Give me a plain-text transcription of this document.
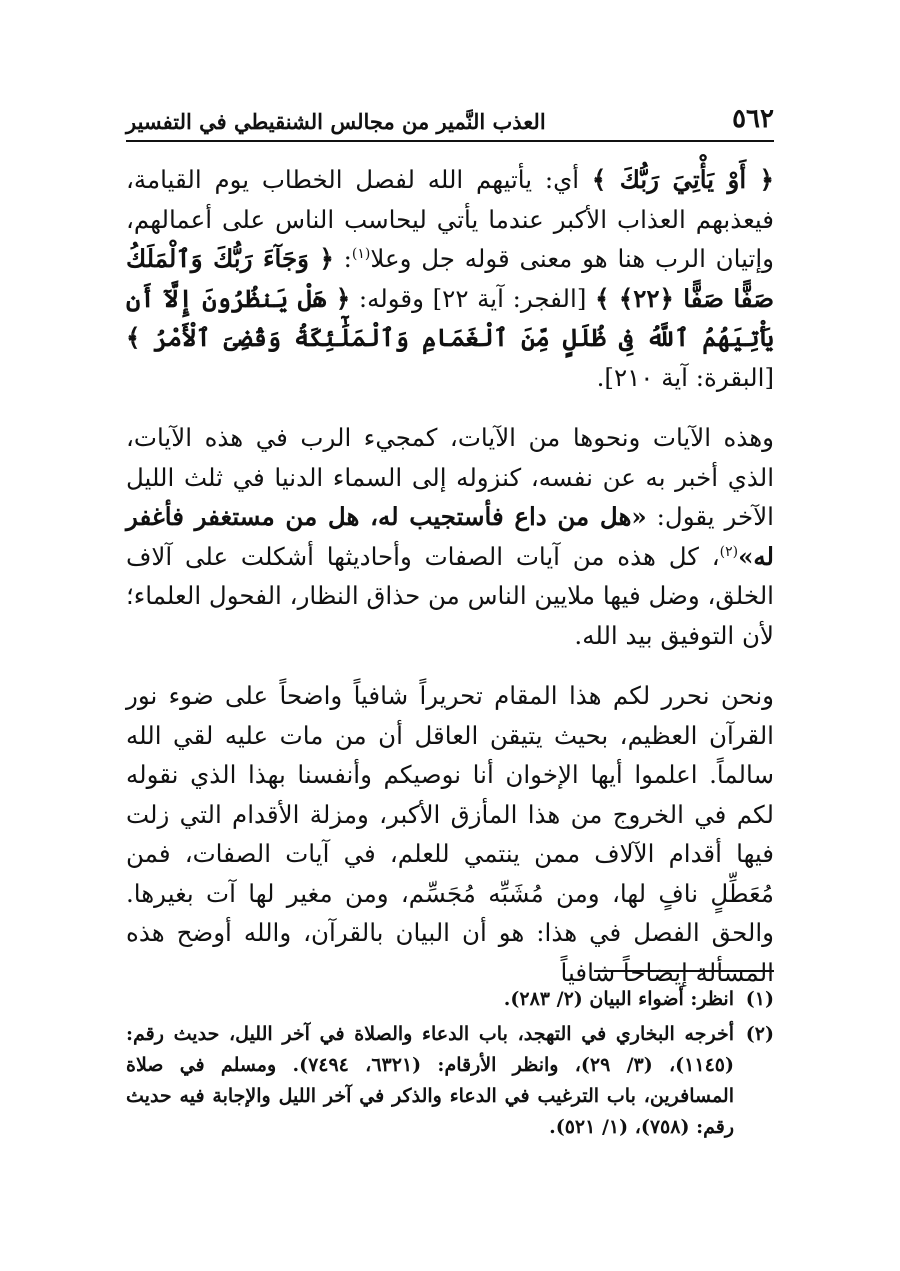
٥٦٢
العذب النَّمير من مجالس الشنقيطي في التفسير

﴿ أَوْ يَأْتِيَ رَبُّكَ ﴾ أي: يأتيهم الله لفصل الخطاب يوم القيامة، فيعذبهم العذاب الأكبر عندما يأتي ليحاسب الناس على أعمالهم، وإتيان الرب هنا هو معنى قوله جل وعلا$^{(١)}$: ﴿ وَجَآءَ رَبُّكَ وَٱلْمَلَكُ صَفًّا صَفًّا ﴿٢٢﴾ ﴾ [الفجر: آية ٢٢] وقوله: ﴿ هَلْ يَنظُرُونَ إِلَّآ أَن يَأْتِيَهُمُ ٱللَّهُ فِى ظُلَلٍ مِّنَ ٱلْغَمَامِ وَٱلْمَلَٰٓئِكَةُ وَقُضِىَ ٱلْأَمْرُ ﴾ [البقرة: آية ٢١٠].

وهذه الآيات ونحوها من الآيات، كمجيء الرب في هذه الآيات، الذي أخبر به عن نفسه، كنزوله إلى السماء الدنيا في ثلث الليل الآخر يقول: «هل من داع فأستجيب له، هل من مستغفر فأغفر له»$^{(٢)}$، كل هذه من آيات الصفات وأحاديثها أشكلت على آلاف الخلق، وضل فيها ملايين الناس من حذاق النظار، الفحول العلماء؛ لأن التوفيق بيد الله.

ونحن نحرر لكم هذا المقام تحريراً شافياً واضحاً على ضوء نور القرآن العظيم، بحيث يتيقن العاقل أن من مات عليه لقي الله سالماً. اعلموا أيها الإخوان أنا نوصيكم وأنفسنا بهذا الذي نقوله لكم في الخروج من هذا المأزق الأكبر، ومزلة الأقدام التي زلت فيها أقدام الآلاف ممن ينتمي للعلم، في آيات الصفات، فمن مُعَطِّلٍ نافٍ لها، ومن مُشَبِّه مُجَسِّم، ومن مغير لها آت بغيرها. والحق الفصل في هذا: هو أن البيان بالقرآن، والله أوضح هذه المسألة إيضاحاً شافياً

(١)
انظر: أضواء البيان (٢/ ٢٨٣).
(٢)
أخرجه البخاري في التهجد، باب الدعاء والصلاة في آخر الليل، حديث رقم: (١١٤٥)، (٣/ ٢٩)، وانظر الأرقام: (٦٣٢١، ٧٤٩٤). ومسلم في صلاة المسافرين، باب الترغيب في الدعاء والذكر في آخر الليل والإجابة فيه حديث رقم: (٧٥٨)، (١/ ٥٢١).
